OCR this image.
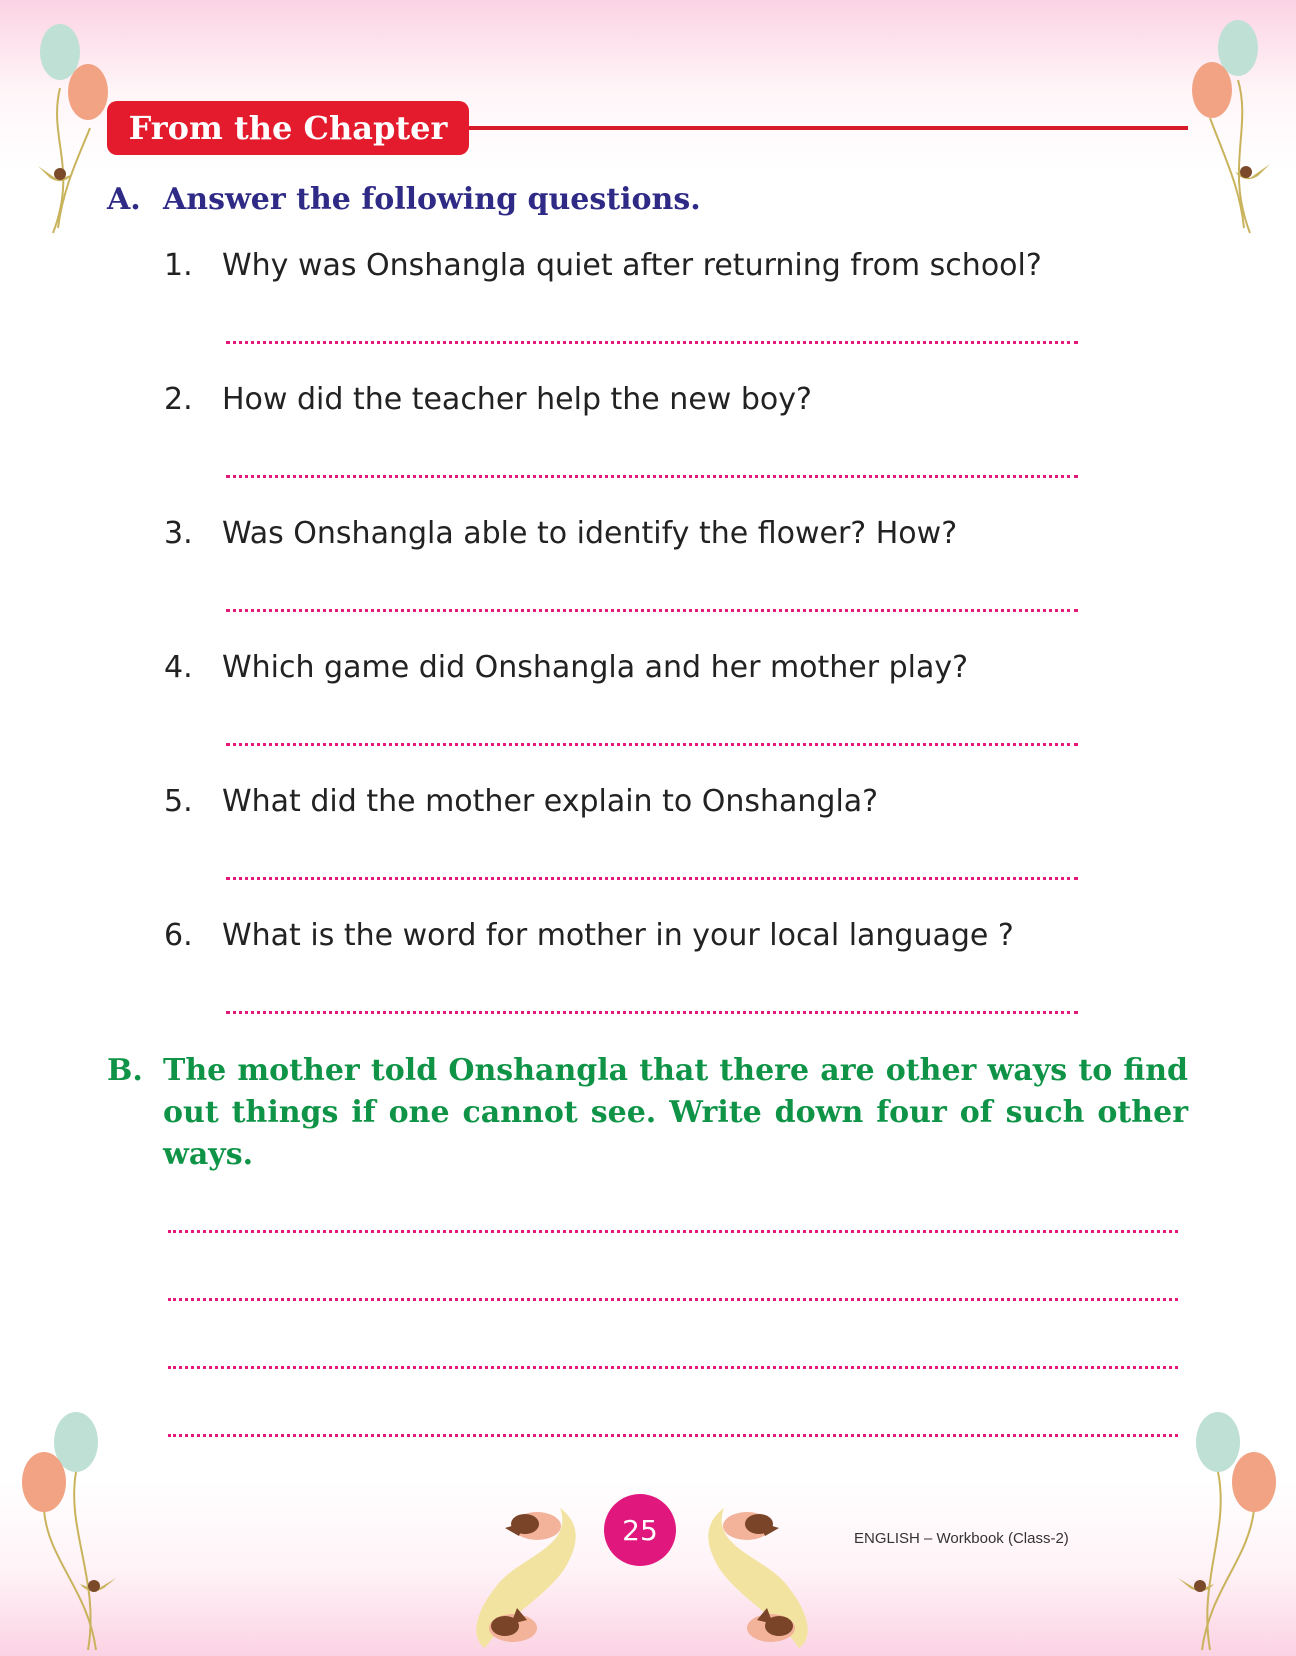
From the Chapter
A. Answer the following questions.
1. Why was Onshangla quiet after returning from school?
2. How did the teacher help the new boy?
3. Was Onshangla able to identify the flower? How?
4. Which game did Onshangla and her mother play?
5. What did the mother explain to Onshangla?
6. What is the word for mother in your local language ?
B. The mother told Onshangla that there are other ways to find out things if one cannot see. Write down four of such other ways.
25	ENGLISH – Workbook (Class-2)
